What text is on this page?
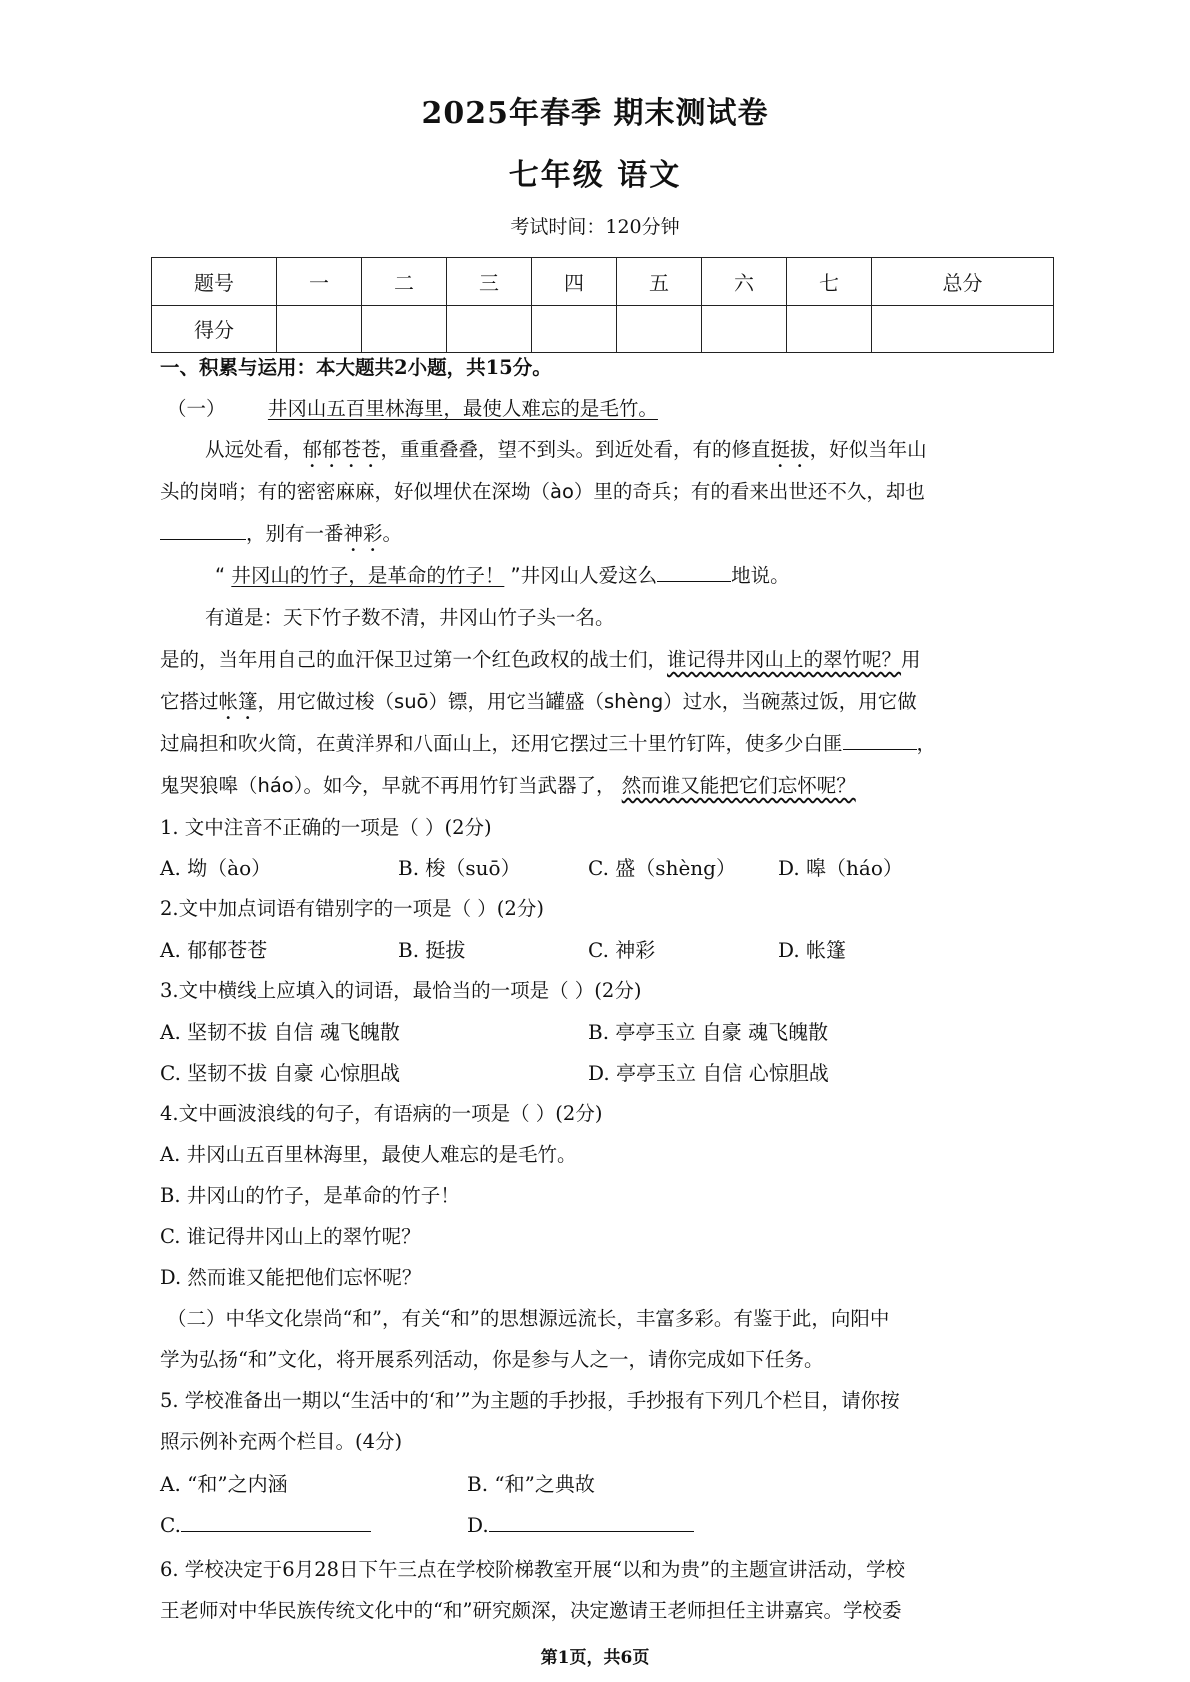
2025年春季 期末测试卷
七年级 语文
考试时间：120分钟
题号	一	二	三	四	五	六	七	总分
得分								
一、积累与运用：本大题共2小题，共15分。
（一） 井冈山五百里林海里，最使人难忘的是毛竹。
从远处看，郁郁苍苍，重重叠叠，望不到头。到近处看，有的修直挺拔，好似当年山
头的岗哨；有的密密麻麻，好似埋伏在深坳（ào）里的奇兵；有的看来出世还不久，却也
，别有一番神彩。
“ 井冈山的竹子，是革命的竹子！ ”井冈山人爱这么	地说。
有道是：天下竹子数不清，井冈山竹子头一名。
是的，当年用自己的血汗保卫过第一个红色政权的战士们，谁记得井冈山上的翠竹呢？用
它搭过帐篷，用它做过梭（suō）镖，用它当罐盛（shèng）过水，当碗蒸过饭，用它做
过扁担和吹火筒，在黄洋界和八面山上，还用它摆过三十里竹钉阵，使多少白匪	，
鬼哭狼嗥（háo）。如今，早就不再用竹钉当武器了， 然而谁又能把它们忘怀呢？
1. 文中注音不正确的一项是（ ）(2分)
A. 坳（ào）	B. 梭（suō）	C. 盛（shèng） D. 嗥（háo）
2.文中加点词语有错别字的一项是（ ）(2分)
A. 郁郁苍苍	B. 挺拔	C. 神彩	D. 帐篷
3.文中横线上应填入的词语，最恰当的一项是（ ）(2分)
A. 坚韧不拔 自信 魂飞魄散	B. 亭亭玉立 自豪 魂飞魄散
C. 坚韧不拔 自豪 心惊胆战	D. 亭亭玉立 自信 心惊胆战
4.文中画波浪线的句子，有语病的一项是（ ）(2分)
A. 井冈山五百里林海里，最使人难忘的是毛竹。
B. 井冈山的竹子，是革命的竹子！
C. 谁记得井冈山上的翠竹呢？
D. 然而谁又能把他们忘怀呢？
（二）中华文化崇尚“和”，有关“和”的思想源远流长，丰富多彩。有鉴于此，向阳中
学为弘扬“和”文化，将开展系列活动，你是参与人之一，请你完成如下任务。
5. 学校准备出一期以“生活中的‘和’”为主题的手抄报，手抄报有下列几个栏目，请你按
照示例补充两个栏目。(4分)
A. “和”之内涵	B. “和”之典故
C.	D.
6. 学校决定于6月28日下午三点在学校阶梯教室开展“以和为贵”的主题宣讲活动，学校
王老师对中华民族传统文化中的“和”研究颇深，决定邀请王老师担任主讲嘉宾。学校委
第1页，共6页
